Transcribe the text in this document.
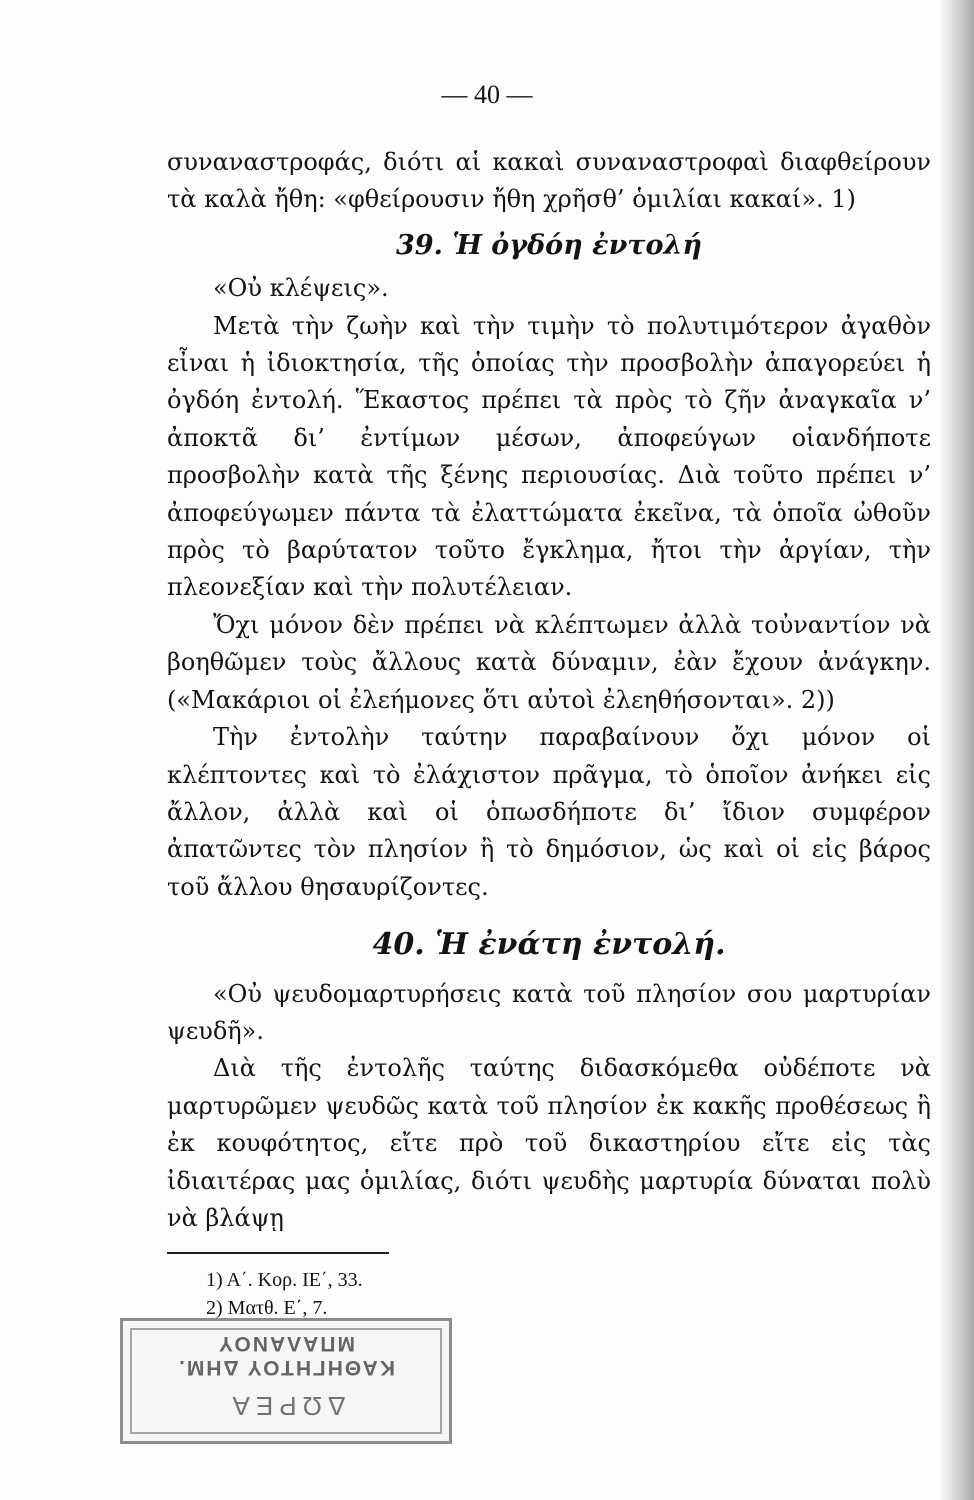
— 40 —

συναναστροφάς, διότι αἱ κακαὶ συναναστροφαὶ διαφθείρουν τὰ καλὰ ἤθη: «φθείρουσιν ἤθη χρῆσθ’ ὁμιλίαι κακαί». 1)

39. Ἡ ὀγδόη ἐντολή

«Οὐ κλέψεις».

Μετὰ τὴν ζωὴν καὶ τὴν τιμὴν τὸ πολυτιμότερον ἀγαθὸν εἶναι ἡ ἰδιοκτησία, τῆς ὁποίας τὴν προσβολὴν ἀπαγορεύει ἡ ὀγδόη ἐντολή. Ἕκαστος πρέπει τὰ πρὸς τὸ ζῆν ἀναγκαῖα ν’ ἀποκτᾶ δι’ ἐντίμων μέσων, ἀποφεύγων οἱανδήποτε προσβολὴν κατὰ τῆς ξένης περιουσίας. Διὰ τοῦτο πρέπει ν’ ἀποφεύγωμεν πάντα τὰ ἐλαττώματα ἐκεῖνα, τὰ ὁποῖα ὠθοῦν πρὸς τὸ βαρύτατον τοῦτο ἔγκλημα, ἤτοι τὴν ἀργίαν, τὴν πλεονεξίαν καὶ τὴν πολυτέλειαν.

Ὄχι μόνον δὲν πρέπει νὰ κλέπτωμεν ἀλλὰ τοὐναντίον νὰ βοηθῶμεν τοὺς ἄλλους κατὰ δύναμιν, ἐὰν ἔχουν ἀνάγκην. («Μακάριοι οἱ ἐλεήμονες ὅτι αὐτοὶ ἐλεηθήσονται». 2))

Τὴν ἐντολὴν ταύτην παραβαίνουν ὄχι μόνον οἱ κλέπτοντες καὶ τὸ ἐλάχιστον πρᾶγμα, τὸ ὁποῖον ἀνήκει εἰς ἄλλον, ἀλλὰ καὶ οἱ ὁπωσδήποτε δι’ ἴδιον συμφέρον ἀπατῶντες τὸν πλησίον ἢ τὸ δημόσιον, ὡς καὶ οἱ εἰς βάρος τοῦ ἄλλου θησαυρίζοντες.

40. Ἡ ἐνάτη ἐντολή.

«Οὐ ψευδομαρτυρήσεις κατὰ τοῦ πλησίον σου μαρτυρίαν ψευδῆ».

Διὰ τῆς ἐντολῆς ταύτης διδασκόμεθα οὐδέποτε νὰ μαρτυρῶμεν ψευδῶς κατὰ τοῦ πλησίον ἐκ κακῆς προθέσεως ἢ ἐκ κουφότητος, εἴτε πρὸ τοῦ δικαστηρίου εἴτε εἰς τὰς ἰδιαιτέρας μας ὁμιλίας, διότι ψευδὴς μαρτυρία δύναται πολὺ νὰ βλάψῃ

1) Α΄. Κορ. ΙΕ΄, 33.
2) Ματθ. Ε΄, 7.
ΔΩΡΕΑ
ΚΑΘΗΓΗΤΟΥ ΔΗΜ. ΜΠΑΛΑΝΟΥ
